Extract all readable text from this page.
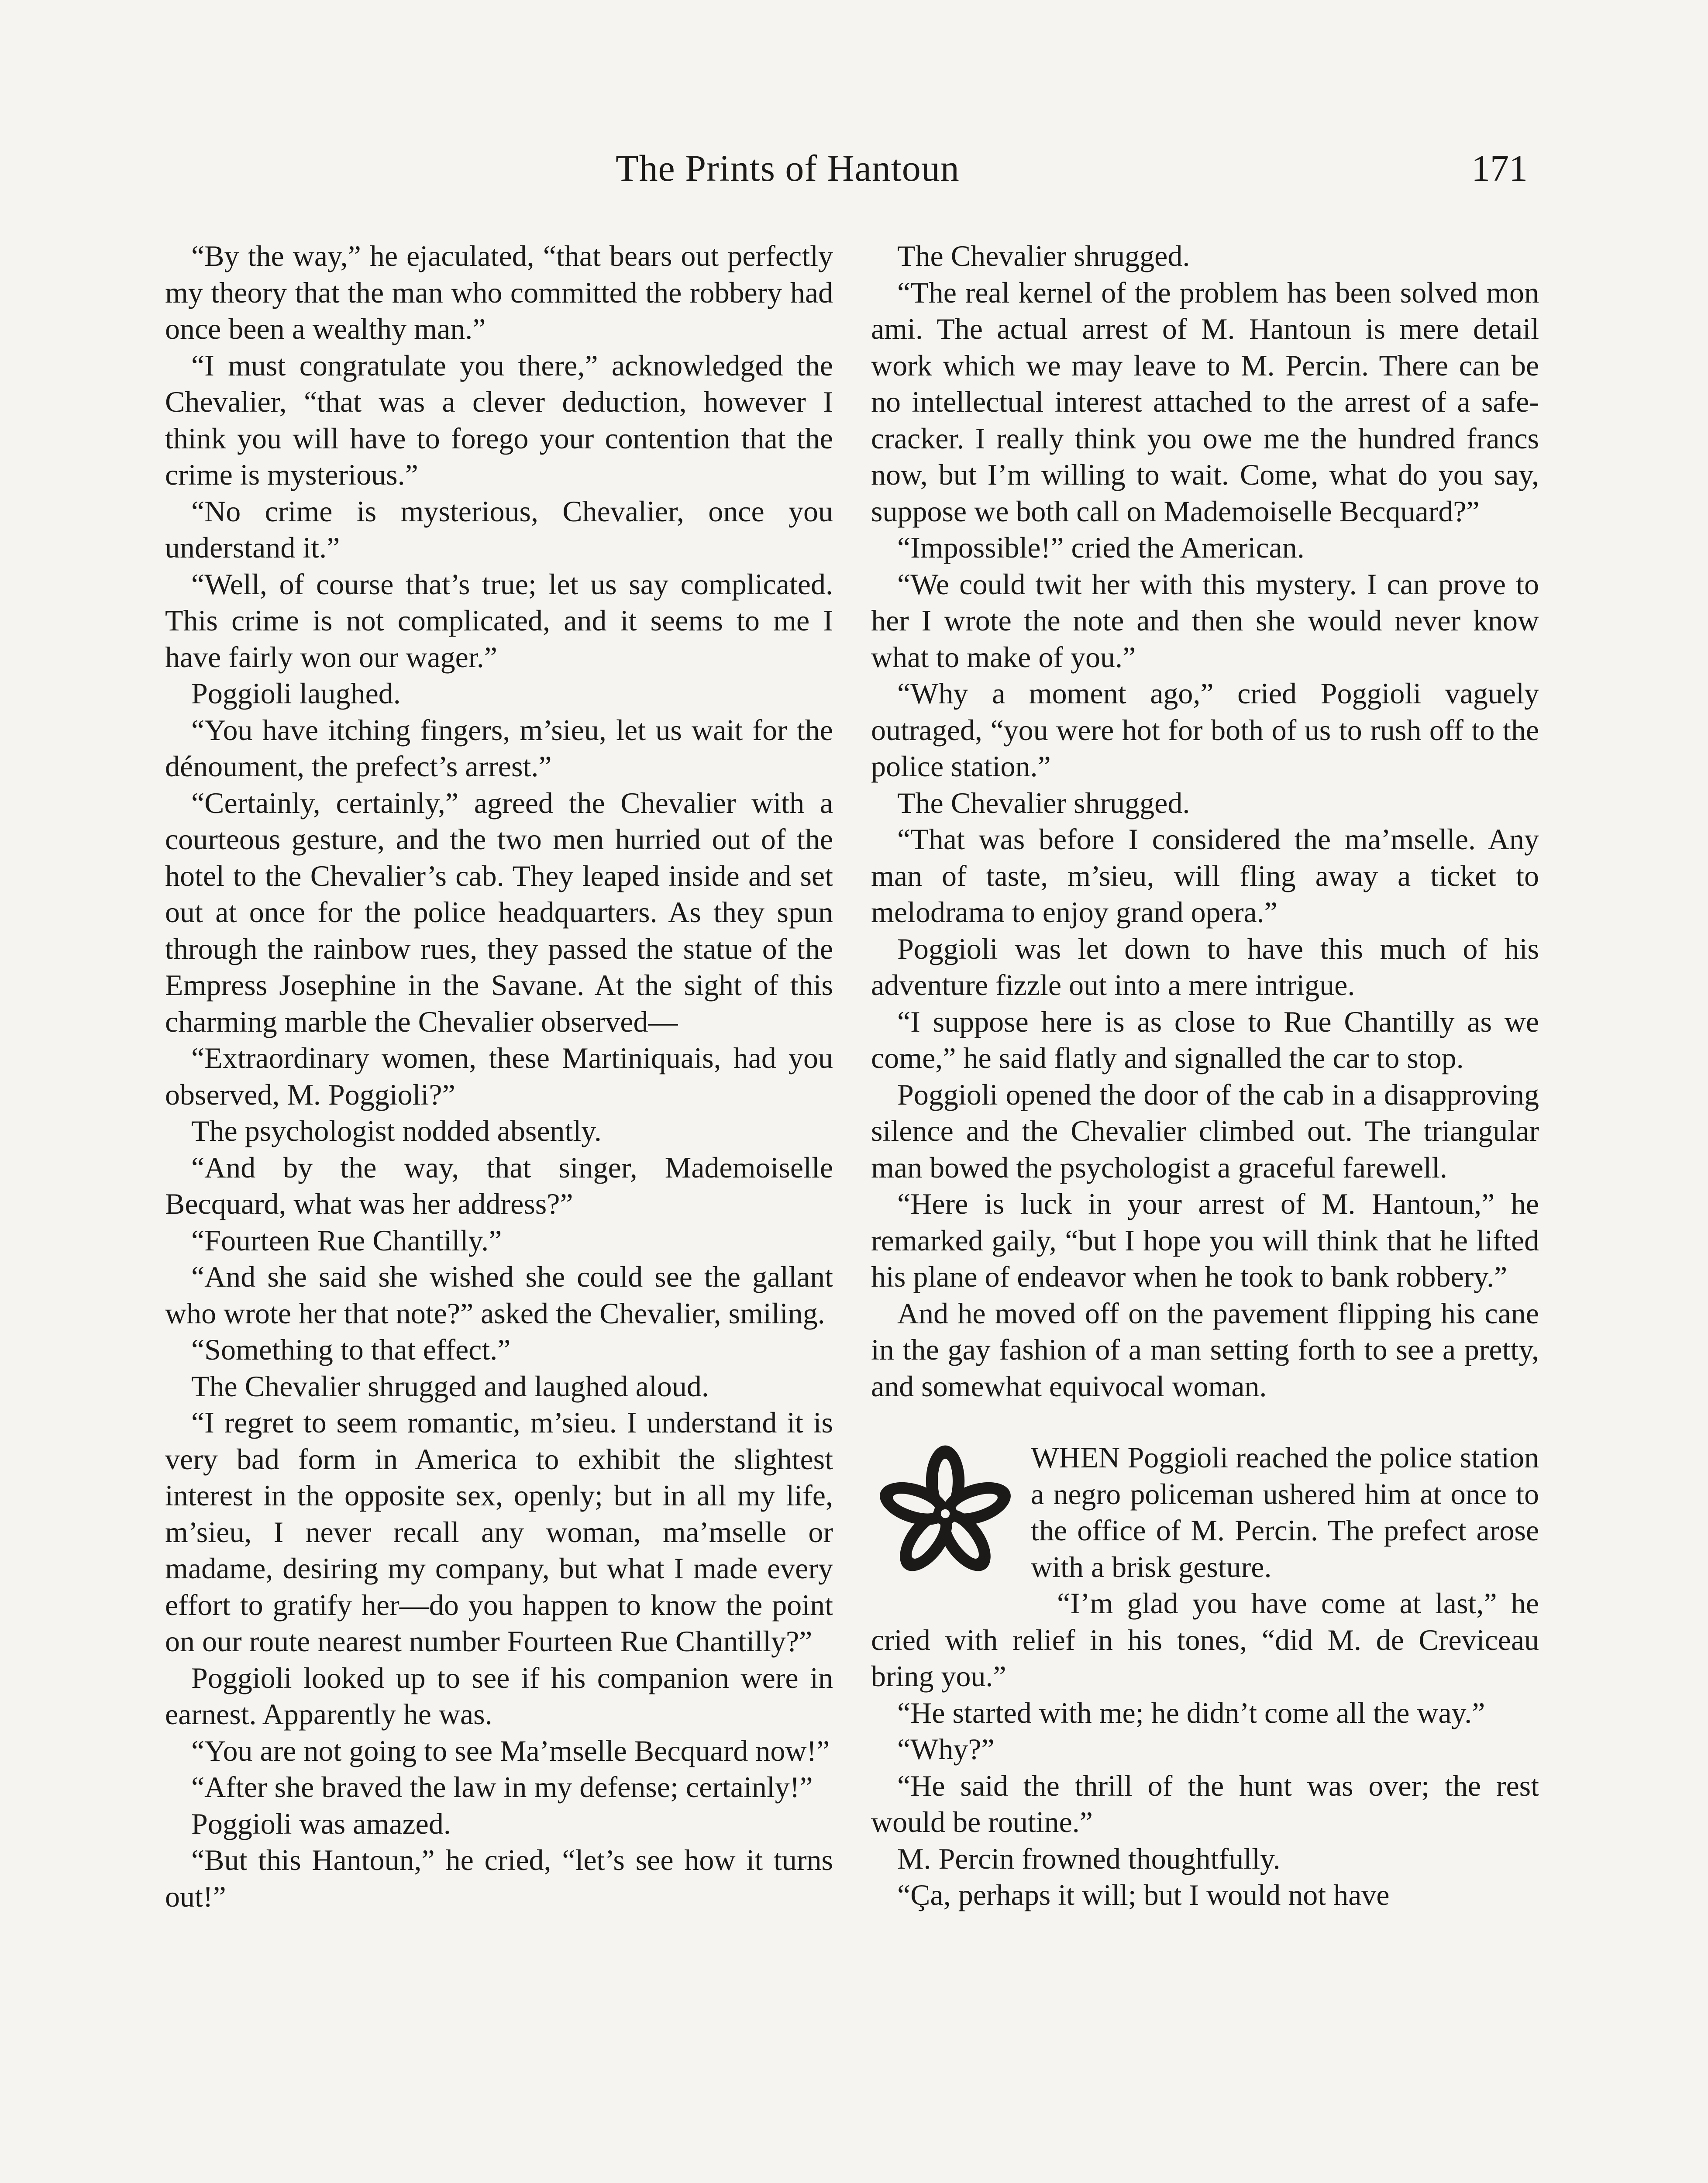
The Prints of Hantoun	171

“By the way,” he ejaculated, “that bears out perfectly my theory that the man who committed the robbery had once been a wealthy man.”

“I must congratulate you there,” acknowledged the Chevalier, “that was a clever deduction, however I think you will have to forego your contention that the crime is mysterious.”

“No crime is mysterious, Chevalier, once you understand it.”

“Well, of course that’s true; let us say complicated. This crime is not complicated, and it seems to me I have fairly won our wager.”

Poggioli laughed.

“You have itching fingers, m’sieu, let us wait for the dénoument, the prefect’s arrest.”

“Certainly, certainly,” agreed the Chevalier with a courteous gesture, and the two men hurried out of the hotel to the Chevalier’s cab. They leaped inside and set out at once for the police headquarters. As they spun through the rainbow rues, they passed the statue of the Empress Josephine in the Savane. At the sight of this charming marble the Chevalier observed—

“Extraordinary women, these Martiniquais, had you observed, M. Poggioli?”

The psychologist nodded absently.

“And by the way, that singer, Mademoiselle Becquard, what was her address?”

“Fourteen Rue Chantilly.”

“And she said she wished she could see the gallant who wrote her that note?” asked the Chevalier, smiling.

“Something to that effect.”

The Chevalier shrugged and laughed aloud.

“I regret to seem romantic, m’sieu. I understand it is very bad form in America to exhibit the slightest interest in the opposite sex, openly; but in all my life, m’sieu, I never recall any woman, ma’mselle or madame, desiring my company, but what I made every effort to gratify her—do you happen to know the point on our route nearest number Fourteen Rue Chantilly?”

Poggioli looked up to see if his companion were in earnest. Apparently he was.

“You are not going to see Ma’mselle Becquard now!”

“After she braved the law in my defense; certainly!”

Poggioli was amazed.

“But this Hantoun,” he cried, “let’s see how it turns out!”

The Chevalier shrugged.

“The real kernel of the problem has been solved mon ami. The actual arrest of M. Hantoun is mere detail work which we may leave to M. Percin. There can be no intellectual interest attached to the arrest of a safe-cracker. I really think you owe me the hundred francs now, but I’m willing to wait. Come, what do you say, suppose we both call on Mademoiselle Becquard?”

“Impossible!” cried the American.

“We could twit her with this mystery. I can prove to her I wrote the note and then she would never know what to make of you.”

“Why a moment ago,” cried Poggioli vaguely outraged, “you were hot for both of us to rush off to the police station.”

The Chevalier shrugged.

“That was before I considered the ma’mselle. Any man of taste, m’sieu, will fling away a ticket to melodrama to enjoy grand opera.”

Poggioli was let down to have this much of his adventure fizzle out into a mere intrigue.

“I suppose here is as close to Rue Chantilly as we come,” he said flatly and signalled the car to stop.

Poggioli opened the door of the cab in a disapproving silence and the Chevalier climbed out. The triangular man bowed the psychologist a graceful farewell.

“Here is luck in your arrest of M. Hantoun,” he remarked gaily, “but I hope you will think that he lifted his plane of endeavor when he took to bank robbery.”

And he moved off on the pavement flipping his cane in the gay fashion of a man setting forth to see a pretty, and somewhat equivocal woman.

WHEN Poggioli reached the police station a negro policeman ushered him at once to the office of M. Percin. The prefect arose with a brisk gesture.

“I’m glad you have come at last,” he cried with relief in his tones, “did M. de Creviceau bring you.”

“He started with me; he didn’t come all the way.”

“Why?”

“He said the thrill of the hunt was over; the rest would be routine.”

M. Percin frowned thoughtfully.

“Ça, perhaps it will; but I would not have
